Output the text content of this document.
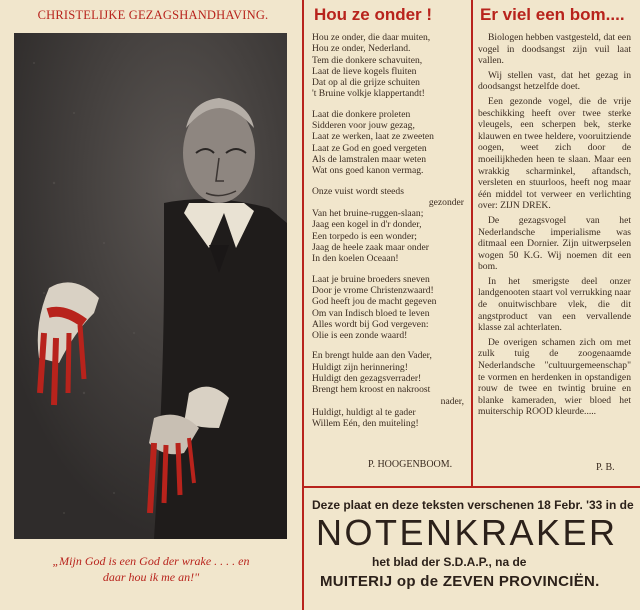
CHRISTELIJKE GEZAGSHANDHAVING.
„Mijn God is een God der wrake . . . . en
daar hou ik me an!"
Hou ze onder !
Hou ze onder, die daar muiten,
Hou ze onder, Nederland.
Tem die donkere schavuiten,
Laat de lieve kogels fluiten
Dat op al die grijze schuiten
't Bruine volkje klappertandt!
Laat die donkere proleten
Sidderen voor jouw gezag,
Laat ze werken, laat ze zweeten
Laat ze God en goed vergeten
Als de lamstralen maar weten
Wat ons goed kanon vermag.
Onze vuist wordt steeds
gezonder
Van het bruine-ruggen-slaan;
Jaag een kogel in d'r donder,
Een torpedo is een wonder;
Jaag de heele zaak maar onder
In den koelen Oceaan!
Laat je bruine broeders sneven
Door je vrome Christenzwaard!
God heeft jou de macht gegeven
Om van Indisch bloed te leven
Alles wordt bij God vergeven:
Olie is een zonde waard!
En brengt hulde aan den Vader,
Huldigt zijn herinnering!
Huldigt den gezagsverrader!
Brengt hem kroost en nakroost
nader,
Huldigt, huldigt al te gader
Willem Eén, den muiteling!
P. HOOGENBOOM.
Er viel een bom....

Biologen hebben vastgesteld, dat een vogel in doodsangst zijn vuil laat vallen.

Wij stellen vast, dat het gezag in doodsangst hetzelfde doet.

Een gezonde vogel, die de vrije beschikking heeft over twee sterke vleugels, een scherpen bek, sterke klauwen en twee heldere, vooruitziende oogen, weet zich door de moeilijkheden heen te slaan. Maar een wrakkig scharminkel, aftandsch, versleten en stuurloos, heeft nog maar één middel tot verweer en verlichting over: ZIJN DREK.

De gezagsvogel van het Nederlandsche imperialisme was ditmaal een Dornier. Zijn uitwerpselen wogen 50 K.G. Wij noemen dit een bom.

In het smerigste deel onzer landgenooten staart vol verrukking naar de onuitwischbare vlek, die dit angstproduct van een vervallende klasse zal achterlaten.

De overigen schamen zich om met zulk tuig de zoogenaamde Nederlandsche "cultuurgemeenschap" te vormen en herdenken in opstandigen rouw de twee en twintig bruine en blanke kameraden, wier bloed het muiterschip ROOD kleurde.....

P. B.
Deze plaat en deze teksten verschenen 18 Febr. '33 in de
NOTENKRAKER
het blad der S.D.A.P., na de
MUITERIJ op de ZEVEN PROVINCIËN.
